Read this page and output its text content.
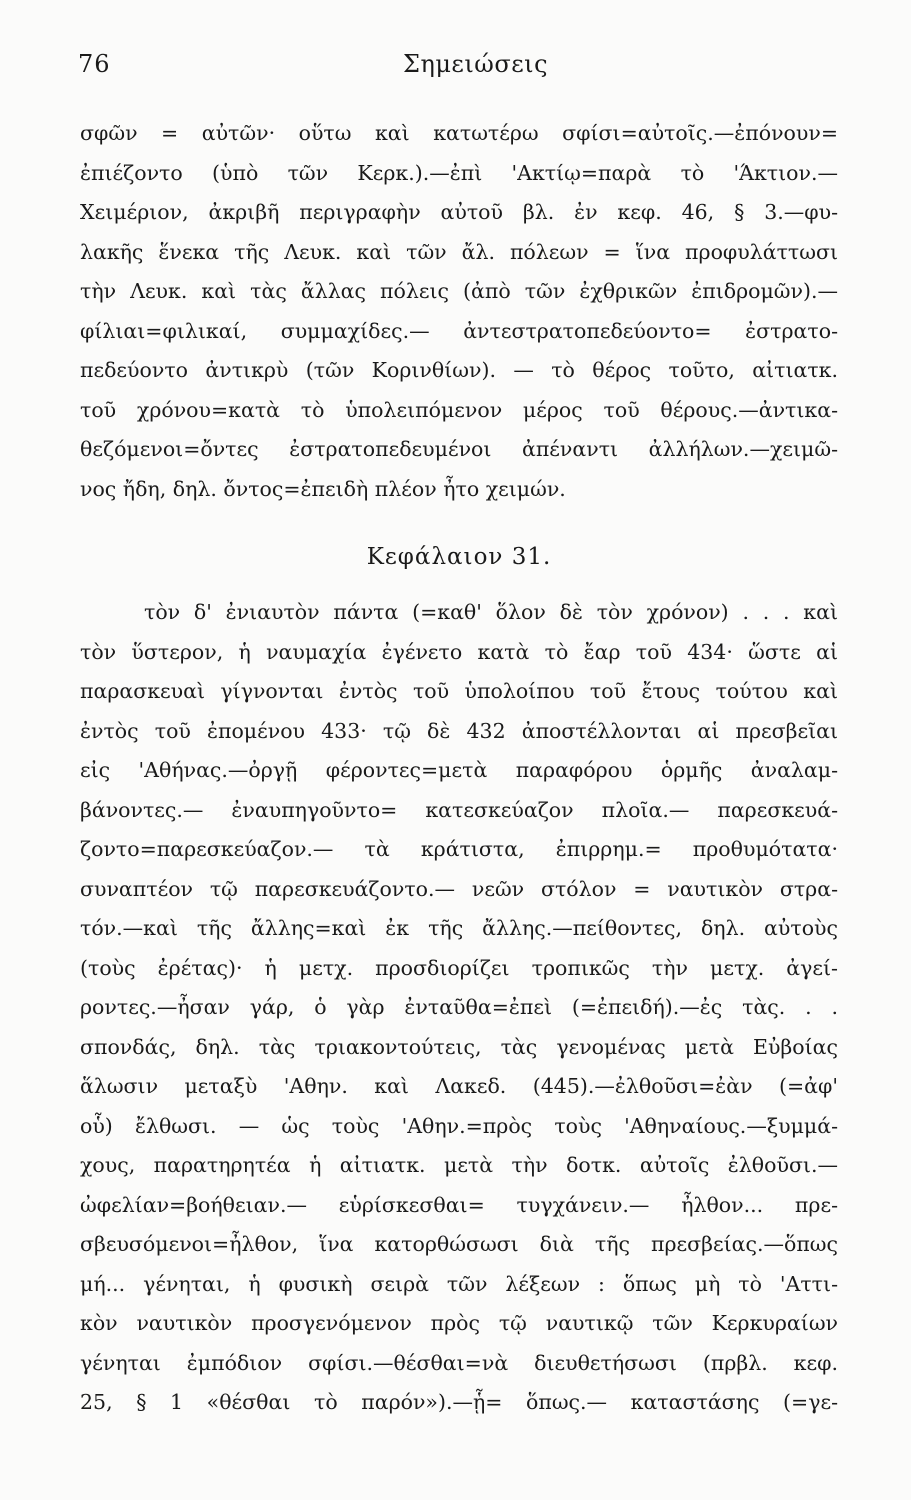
76	Σημειώσεις
σφῶν = αὐτῶν· οὕτω καὶ κατωτέρω σφίσι=αὐτοῖς.—ἐπόνουν=
ἐπιέζοντο (ὑπὸ τῶν Κερκ.).—ἐπὶ 'Ακτίῳ=παρὰ τὸ 'Άκτιον.—
Χειμέριον, ἀκριβῆ περιγραφὴν αὐτοῦ βλ. ἐν κεφ. 46, § 3.—φυ-
λακῆς ἕνεκα τῆς Λευκ. καὶ τῶν ἄλ. πόλεων = ἵνα προφυλάττωσι
τὴν Λευκ. καὶ τὰς ἄλλας πόλεις (ἀπὸ τῶν ἐχθρικῶν ἐπιδρομῶν).—
φίλιαι=φιλικαί, συμμαχίδες.— ἀντεστρατοπεδεύοντο= ἐστρατο-
πεδεύοντο ἀντικρὺ (τῶν Κορινθίων). — τὸ θέρος τοῦτο, αἰτιατκ.
τοῦ χρόνου=κατὰ τὸ ὑπολειπόμενον μέρος τοῦ θέρους.—ἀντικα-
θεζόμενοι=ὄντες ἐστρατοπεδευμένοι ἀπέναντι ἀλλήλων.—χειμῶ-
νος ἤδη, δηλ. ὄντος=ἐπειδὴ πλέον ἦτο χειμών.
Κεφάλαιον 31.
τὸν δ' ἐνιαυτὸν πάντα (=καθ' ὅλον δὲ τὸν χρόνον) . . . καὶ
τὸν ὕστερον, ἡ ναυμαχία ἐγένετο κατὰ τὸ ἔαρ τοῦ 434· ὥστε αἱ
παρασκευαὶ γίγνονται ἐντὸς τοῦ ὑπολοίπου τοῦ ἔτους τούτου καὶ
ἐντὸς τοῦ ἐπομένου 433· τῷ δὲ 432 ἀποστέλλονται αἱ πρεσβεῖαι
εἰς 'Αθήνας.—ὀργῇ φέροντες=μετὰ παραφόρου ὁρμῆς ἀναλαμ-
βάνοντες.— ἐναυπηγοῦντο= κατεσκεύαζον πλοῖα.— παρεσκευά-
ζοντο=παρεσκεύαζον.— τὰ κράτιστα, ἐπιρρημ.= προθυμότατα·
συναπτέον τῷ παρεσκευάζοντο.— νεῶν στόλον = ναυτικὸν στρα-
τόν.—καὶ τῆς ἄλλης=καὶ ἐκ τῆς ἄλλης.—πείθοντες, δηλ. αὐτοὺς
(τοὺς ἐρέτας)· ἡ μετχ. προσδιορίζει τροπικῶς τὴν μετχ. ἀγεί-
ροντες.—ἦσαν γάρ, ὁ γὰρ ἐνταῦθα=ἐπεὶ (=ἐπειδή).—ἐς τὰς. . .
σπονδάς, δηλ. τὰς τριακοντούτεις, τὰς γενομένας μετὰ Εὐβοίας
ἅλωσιν μεταξὺ 'Αθην. καὶ Λακεδ. (445).—ἐλθοῦσι=ἐὰν (=ἀφ'
οὗ) ἔλθωσι. — ὡς τοὺς 'Αθην.=πρὸς τοὺς 'Αθηναίους.—ξυμμά-
χους, παρατηρητέα ἡ αἰτιατκ. μετὰ τὴν δοτκ. αὐτοῖς ἐλθοῦσι.—
ὠφελίαν=βοήθειαν.— εὑρίσκεσθαι= τυγχάνειν.— ἦλθον... πρε-
σβευσόμενοι=ἦλθον, ἵνα κατορθώσωσι διὰ τῆς πρεσβείας.—ὅπως
μή... γένηται, ἡ φυσικὴ σειρὰ τῶν λέξεων : ὅπως μὴ τὸ 'Αττι-
κὸν ναυτικὸν προσγενόμενον πρὸς τῷ ναυτικῷ τῶν Κερκυραίων
γένηται ἐμπόδιον σφίσι.—θέσθαι=νὰ διευθετήσωσι (πρβλ. κεφ.
25, § 1 «θέσθαι τὸ παρόν»).—ᾗ= ὅπως.— καταστάσης (=γε-
